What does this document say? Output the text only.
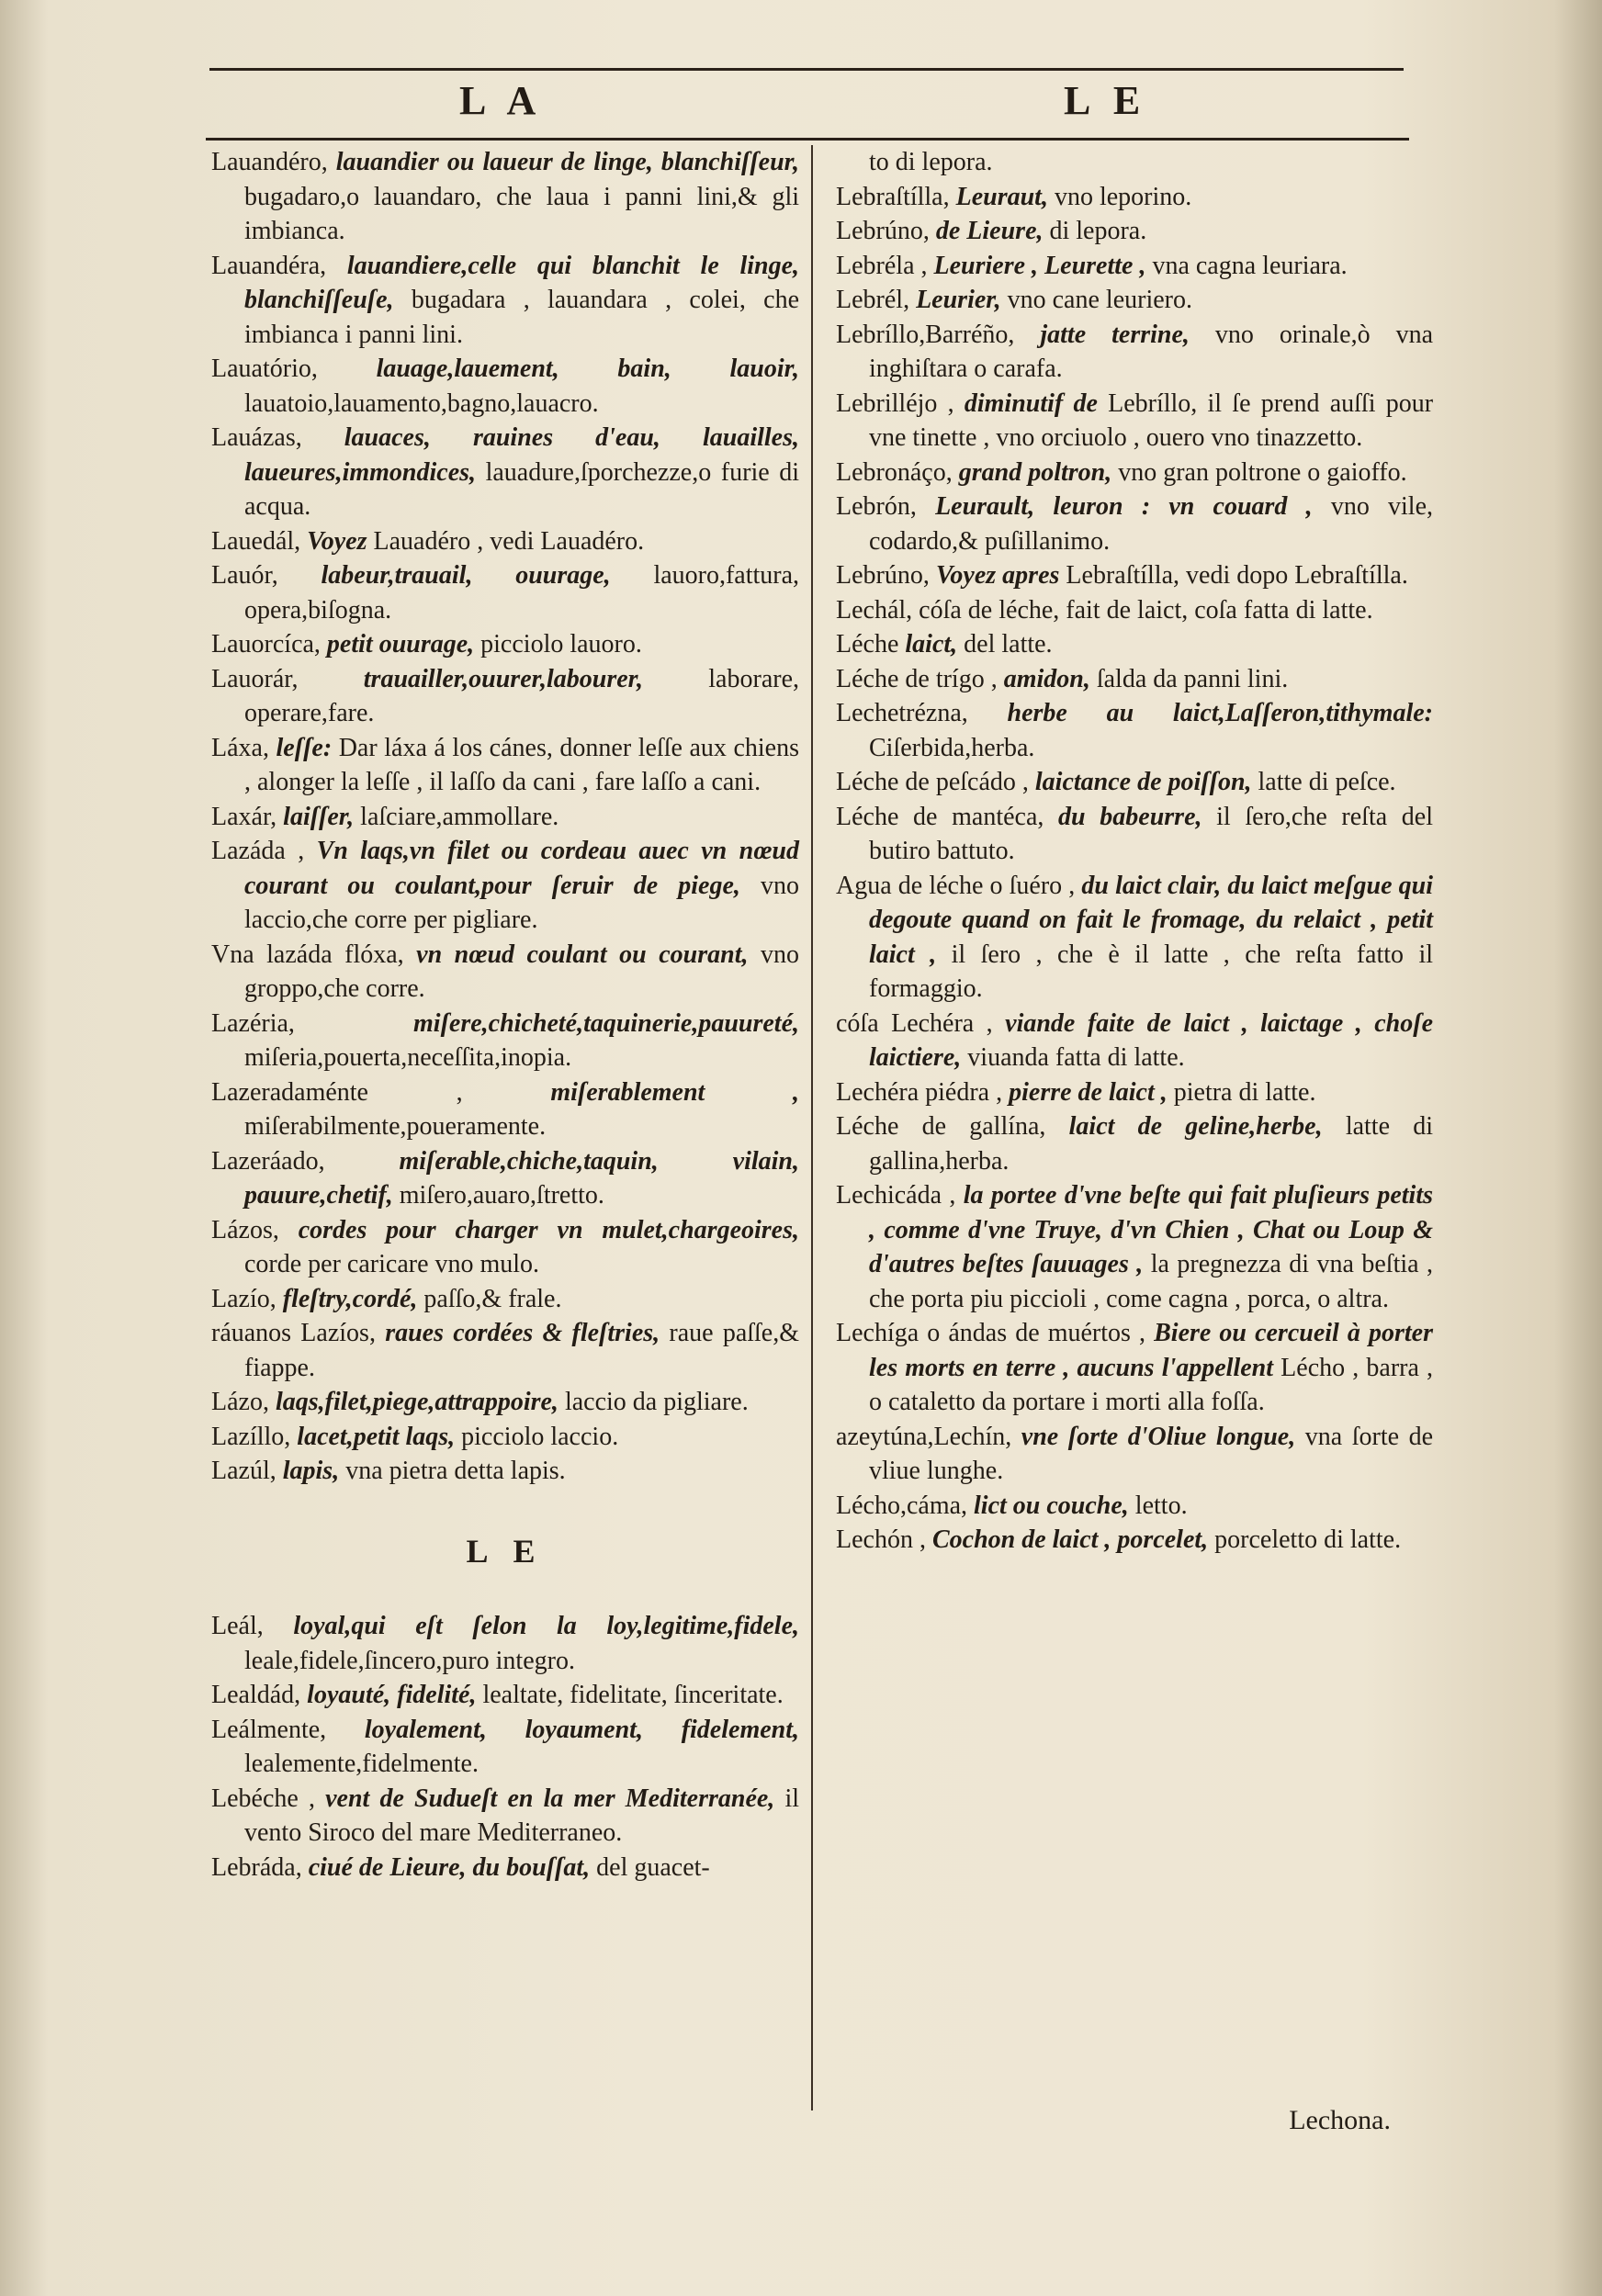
L A	L E

Lauandéro, lauandier ou laueur de linge, blanchiſſeur, bugadaro,o lauandaro, che laua i panni lini,& gli imbianca.

Lauandéra, lauandiere,celle qui blanchit le linge, blanchiſſeuſe, bugadara , lauandara , colei, che imbianca i panni lini.

Lauatório, lauage,lauement, bain, lauoir, lauatoio,lauamento,bagno,lauacro.

Lauázas, lauaces, rauines d'eau, lauailles, laueures,immondices, lauadure,ſporchezze,o furie di acqua.

Lauedál, Voyez Lauadéro , vedi Lauadéro.

Lauór, labeur,trauail, ouurage, lauoro,fattura, opera,biſogna.

Lauorcíca, petit ouurage, picciolo lauoro.

Lauorár,	trauailler,ouurer,labourer,	laborare, operare,fare.

Láxa, leſſe: Dar láxa á los cánes, donner leſſe aux chiens , alonger la leſſe , il laſſo da cani , fare laſſo a cani.

Laxár, laiſſer, laſciare,ammollare.

Lazáda , Vn laqs,vn filet ou cordeau auec vn nœud courant ou coulant,pour ſeruir de piege, vno laccio,che corre per pigliare.

Vna lazáda flóxa, vn nœud coulant ou courant, vno groppo,che corre.

Lazéria,	miſere,chicheté,taquinerie,pauureté, miſeria,pouerta,neceſſita,inopia.

Lazeradaménte ,	miſerablement , miſerabilmente,poueramente.

Lazeráado,	miſerable,chiche,taquin, vilain, pauure,chetif, miſero,auaro,ſtretto.

Lázos, cordes pour charger vn mulet,chargeoires, corde per caricare vno mulo.

Lazío, fleſtry,cordé, paſſo,& frale.

ráuanos Lazíos, raues cordées & fleſtries, raue paſſe,& fiappe.

Lázo, laqs,filet,piege,attrappoire, laccio da pigliare.

Lazíllo, lacet,petit laqs, picciolo laccio.

Lazúl, lapis, vna pietra detta lapis.

L E

Leál, loyal,qui eſt ſelon la loy,legitime,fidele, leale,fidele,ſincero,puro integro.

Lealdád, loyauté, fidelité, lealtate, fidelitate, ſinceritate.

Leálmente, loyalement, loyaument, fidelement, lealemente,fidelmente.

Lebéche , vent de Sudueſt en la mer Mediterranée, il vento Siroco del mare Mediterraneo.

Lebráda, ciué de Lieure, du bouſſat, del guacet-

to di lepora.

Lebraſtílla, Leuraut, vno leporino.

Lebrúno, de Lieure, di lepora.

Lebréla , Leuriere , Leurette , vna cagna leuriara.

Lebrél, Leurier, vno cane leuriero.

Lebríllo,Barréño, jatte terrine, vno orinale,ò vna inghiſtara o carafa.

Lebrilléjo , diminutif de Lebríllo, il ſe prend auſſi pour vne tinette , vno orciuolo , ouero vno tinazzetto.

Lebronáço, grand poltron, vno gran poltrone o gaioffo.

Lebrón, Leurault, leuron : vn couard , vno vile, codardo,& puſillanimo.

Lebrúno, Voyez apres Lebraſtílla, vedi dopo Lebraſtílla.

Lechál, cóſa de léche, fait de laict, coſa fatta di latte.

Léche laict, del latte.

Léche de trígo , amidon, ſalda da panni lini.

Lechetrézna, herbe au laict,Laſſeron,tithymale: Ciſerbida,herba.

Léche de peſcádo , laictance de poiſſon, latte di peſce.

Léche de mantéca, du babeurre, il ſero,che reſta del butiro battuto.

Agua de léche o ſuéro , du laict clair, du laict meſgue qui degoute quand on fait le fromage, du relaict , petit laict , il ſero , che è il latte , che reſta fatto il formaggio.

cóſa Lechéra , viande faite de laict , laictage , choſe laictiere, viuanda fatta di latte.

Lechéra piédra , pierre de laict , pietra di latte.

Léche de gallína, laict de geline,herbe, latte di gallina,herba.

Lechicáda , la portee d'vne beſte qui fait pluſieurs petits , comme d'vne Truye, d'vn Chien , Chat ou Loup & d'autres beſtes ſauuages , la pregnezza di vna beſtia , che porta piu piccioli , come cagna , porca, o altra.

Lechíga o ándas de muértos , Biere ou cercueil à porter les morts en terre , aucuns l'appellent Lécho , barra , o cataletto da portare i morti alla foſſa.

azeytúna,Lechín, vne ſorte d'Oliue longue, vna ſorte de vliue lunghe.

Lécho,cáma, lict ou couche, letto.

Lechón , Cochon de laict , porcelet, porceletto di latte.

Lechona.
